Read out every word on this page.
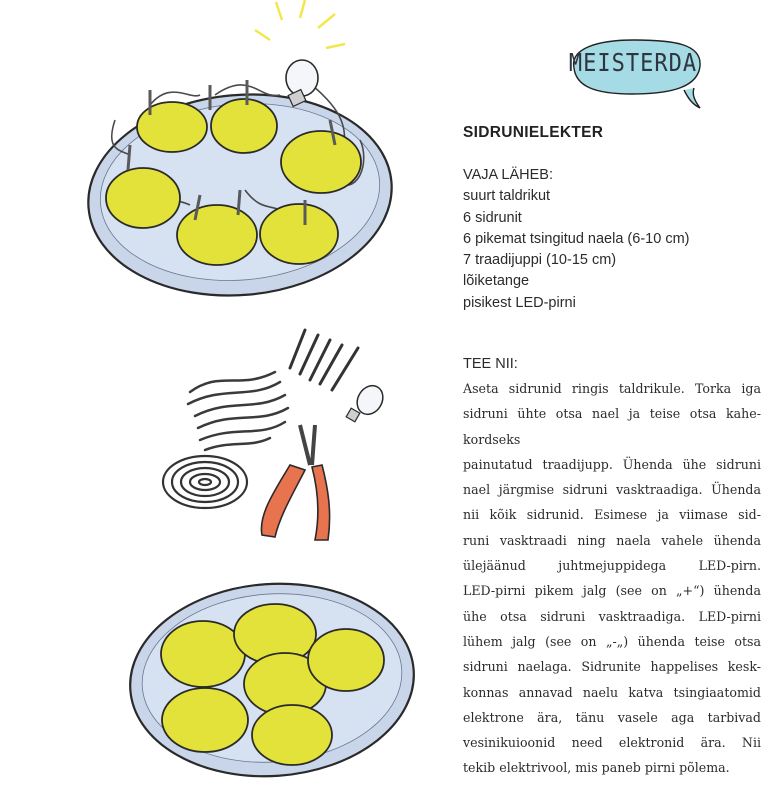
MEISTERDA
SIDRUNIELEKTER
VAJA LÄHEB:
suurt taldrikut
6 sidrunit
6 pikemat tsingitud naela (6-10 cm)
7 traadijuppi (10-15 cm)
lõiketange
pisikest LED-pirni
TEE NII:
Aseta sidrunid ringis taldrikule. Torka iga
sidruni ühte otsa nael ja teise otsa kahe-
kordseks
painutatud traadijupp. Ühenda ühe sidruni
nael järgmise sidruni vasktraadiga. Ühenda
nii kõik sidrunid. Esimese ja viimase sid-
runi vasktraadi ning naela vahele ühenda
ülejäänud juhtmejuppidega LED-pirn.
LED-pirni pikem jalg (see on „+“) ühenda
ühe otsa sidruni vasktraadiga. LED-pirni
lühem jalg (see on „-„) ühenda teise otsa
sidruni naelaga. Sidrunite happelises kesk-
konnas annavad naelu katva tsingiaatomid
elektrone ära, tänu vasele aga tarbivad
vesinikuioonid need elektronid ära. Nii
tekib elektrivool, mis paneb pirni põlema.
